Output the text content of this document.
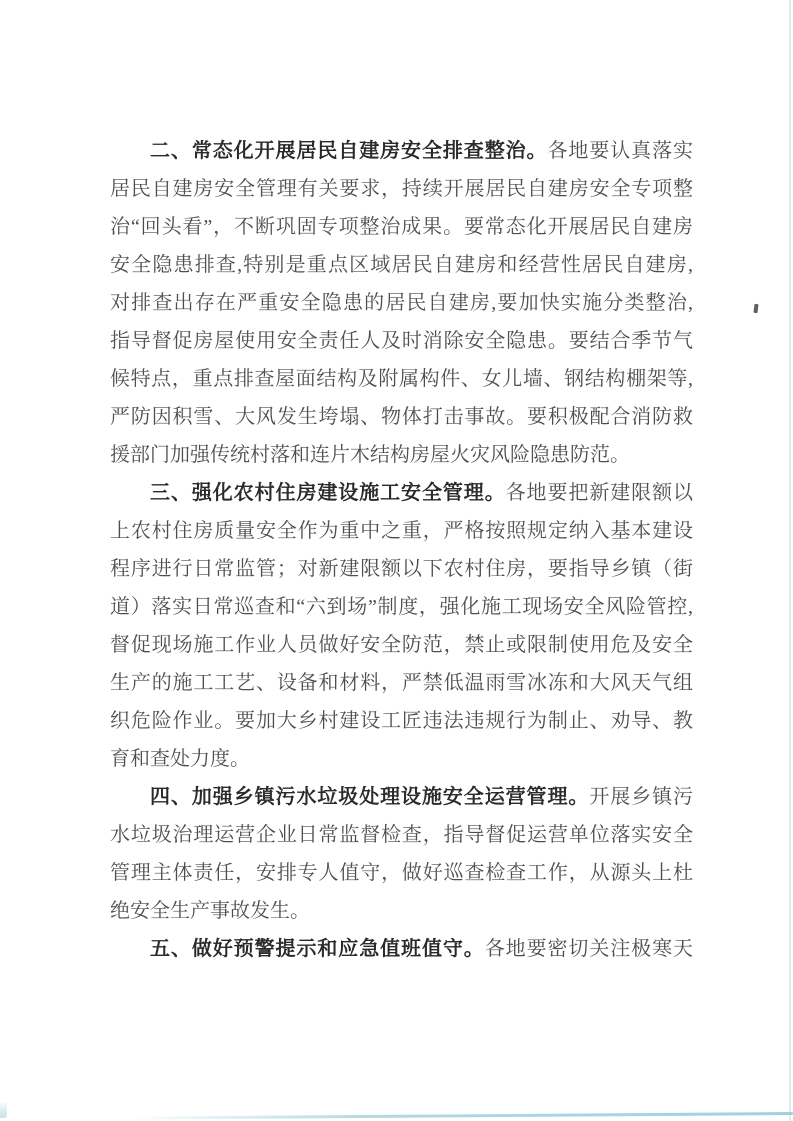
二、常态化开展居民自建房安全排查整治。各地要认真落实
居民自建房安全管理有关要求，持续开展居民自建房安全专项整
治“回头看”，不断巩固专项整治成果。要常态化开展居民自建房
安全隐患排查,特别是重点区域居民自建房和经营性居民自建房,
对排查出存在严重安全隐患的居民自建房,要加快实施分类整治,
指导督促房屋使用安全责任人及时消除安全隐患。要结合季节气
候特点，重点排查屋面结构及附属构件、女儿墙、钢结构棚架等,
严防因积雪、大风发生垮塌、物体打击事故。要积极配合消防救
援部门加强传统村落和连片木结构房屋火灾风险隐患防范。
三、强化农村住房建设施工安全管理。各地要把新建限额以
上农村住房质量安全作为重中之重，严格按照规定纳入基本建设
程序进行日常监管；对新建限额以下农村住房，要指导乡镇（街
道）落实日常巡查和“六到场”制度，强化施工现场安全风险管控,
督促现场施工作业人员做好安全防范，禁止或限制使用危及安全
生产的施工工艺、设备和材料，严禁低温雨雪冰冻和大风天气组
织危险作业。要加大乡村建设工匠违法违规行为制止、劝导、教
育和查处力度。
四、加强乡镇污水垃圾处理设施安全运营管理。开展乡镇污
水垃圾治理运营企业日常监督检查，指导督促运营单位落实安全
管理主体责任，安排专人值守，做好巡查检查工作，从源头上杜
绝安全生产事故发生。
五、做好预警提示和应急值班值守。各地要密切关注极寒天
